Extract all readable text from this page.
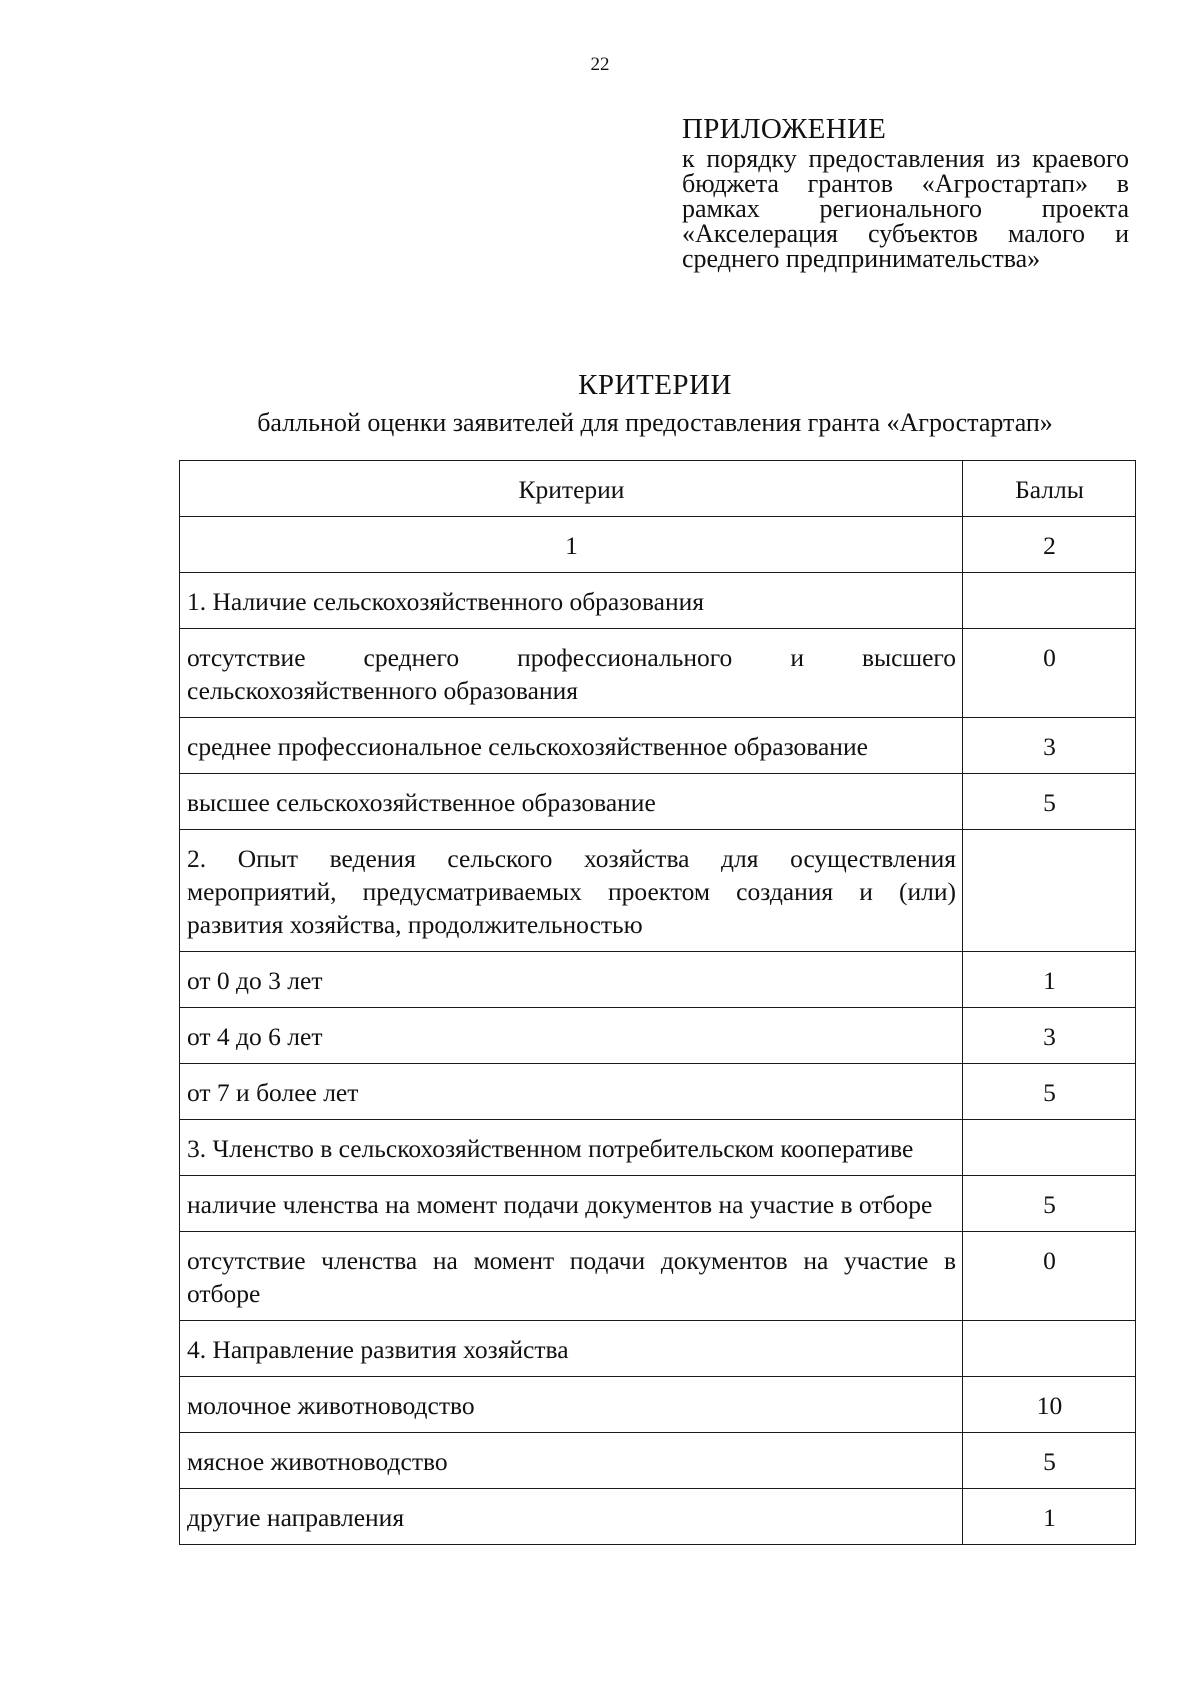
22
ПРИЛОЖЕНИЕ
к порядку предоставления из краевого бюджета грантов «Агростартап» в рамках регионального проекта «Акселерация субъектов малого и среднего предпринимательства»
КРИТЕРИИ
балльной оценки заявителей для предоставления гранта «Агростартап»
Критерии	Баллы
1	2
1. Наличие сельскохозяйственного образования	
отсутствие среднего профессионального и высшего сельскохозяйственного образования	0
среднее профессиональное сельскохозяйственное образование	3
высшее сельскохозяйственное образование	5
2. Опыт ведения сельского хозяйства для осуществления мероприятий, предусматриваемых проектом создания и (или) развития хозяйства, продолжительностью	
от 0 до 3 лет	1
от 4 до 6 лет	3
от 7 и более лет	5
3. Членство в сельскохозяйственном потребительском кооперативе	
наличие членства на момент подачи документов на участие в отборе	5
отсутствие членства на момент подачи документов на участие в отборе	0
4. Направление развития хозяйства	
молочное животноводство	10
мясное животноводство	5
другие направления	1
